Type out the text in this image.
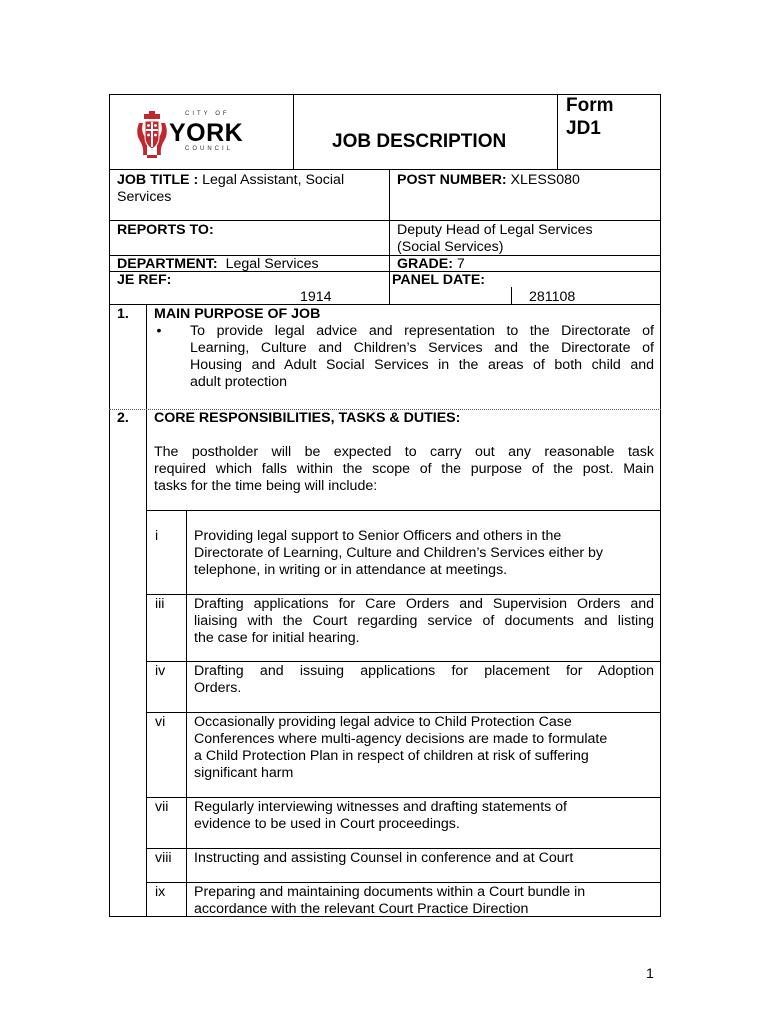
CITY OF
YORK
COUNCIL	JOB DESCRIPTION
Form
JD1
JOB TITLE : Legal Assistant, Social
Services
POST NUMBER: XLESS080
REPORTS TO:	Deputy Head of Legal Services
(Social Services)
DEPARTMENT: Legal Services	GRADE: 7
JE REF:
1914
PANEL DATE:
281108
1. MAIN PURPOSE OF JOB
•	To provide legal advice and representation to the Directorate of
Learning, Culture and Children’s Services and the Directorate of
Housing and Adult Social Services in the areas of both child and
adult protection
2. CORE RESPONSIBILITIES, TASKS & DUTIES:
The postholder will be expected to carry out any reasonable task
required which falls within the scope of the purpose of the post. Main
tasks for the time being will include:
i	Providing legal support to Senior Officers and others in the
Directorate of Learning, Culture and Children’s Services either by
telephone, in writing or in attendance at meetings.
iii Drafting applications for Care Orders and Supervision Orders and
liaising with the Court regarding service of documents and listing
the case for initial hearing.
iv Drafting and issuing applications for placement for Adoption
Orders.
vi Occasionally providing legal advice to Child Protection Case
Conferences where multi-agency decisions are made to formulate
a Child Protection Plan in respect of children at risk of suffering
significant harm
vii Regularly interviewing witnesses and drafting statements of
evidence to be used in Court proceedings.
viii Instructing and assisting Counsel in conference and at Court
ix Preparing and maintaining documents within a Court bundle in
accordance with the relevant Court Practice Direction
1
